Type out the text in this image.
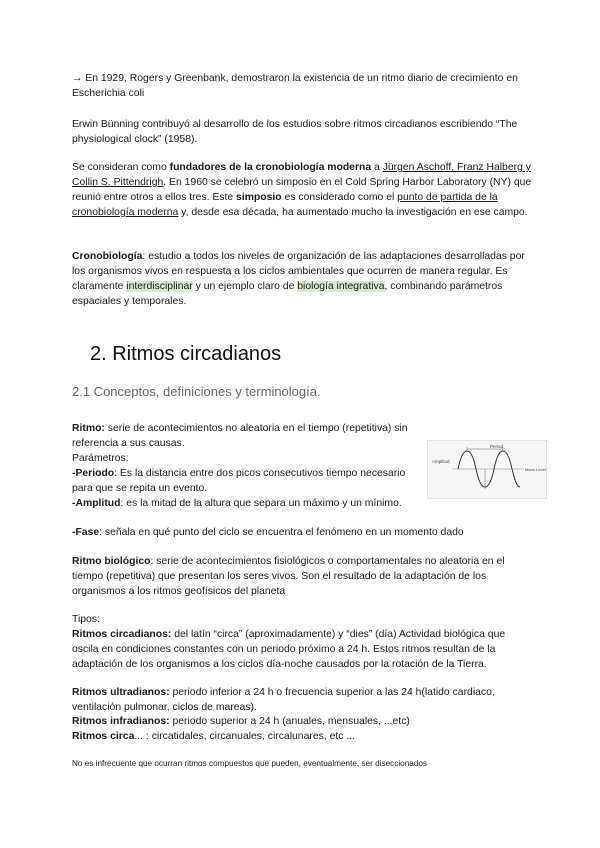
→ En 1929, Rogers y Greenbank, demostraron la existencia de un ritmo diario de crecimiento en Escherichia coli

Erwin Bünning contribuyó al desarrollo de los estudios sobre ritmos circadianos escribiendo “The physiological clock” (1958).

Se consideran como fundadores de la cronobiología moderna a Jürgen Aschoff, Franz Halberg y Collin S. Pittendrigh. En 1960 se celebró un simposio en el Cold Spring Harbor Laboratory (NY) que reunió entre otros a ellos tres. Este simposio es considerado como el punto de partida de la cronobiología moderna y, desde esa década, ha aumentado mucho la investigación en ese campo.

Cronobiología: estudio a todos los niveles de organización de las adaptaciones desarrolladas por los organismos vivos en respuesta a los ciclos ambientales que ocurren de manera regular. Es claramente interdisciplinar y un ejemplo claro de biología integrativa, combinando parámetros espaciales y temporales.

2. Ritmos circadianos
2.1 Conceptos, definiciones y terminología.

Ritmo: serie de acontecimientos no aleatoria en el tiempo (repetitiva) sin referencia a sus causas.

Parámetros:

-Periodo: Es la distancia entre dos picos consecutivos tiempo necesario para que se repita un evento.

-Amplitud: es la mitad de la altura que separa un máximo y un mínimo.

-Fase: señala en qué punto del ciclo se encuentra el fenómeno en un momento dado

Period
Amplitud
Mean Level

Ritmo biológico: serie de acontecimientos fisiológicos o comportamentales no aleatoria en el tiempo (repetitiva) que presentan los seres vivos. Son el resultado de la adaptación de los organismos a los ritmos geofísicos del planeta

Tipos:

Ritmos circadianos: del latín “circa” (aproximadamente) y “dies” (día) Actividad biológica que oscila en condiciones constantes con un periodo próximo a 24 h. Estos ritmos resultan de la adaptación de los organismos a los ciclos día-noche causados por la rotación de la Tierra.

Ritmos ultradianos: periodo inferior a 24 h o frecuencia superior a las 24 h(latido cardiaco, ventilación pulmonar, ciclos de mareas).

Ritmos infradianos: periodo superior a 24 h (anuales, mensuales, ...etc)

Ritmos circa... : circatidales, circanuales, circalunares, etc ...

No es infrecuente que ocurran ritmos compuestos que pueden, eventualmente, ser diseccionados
